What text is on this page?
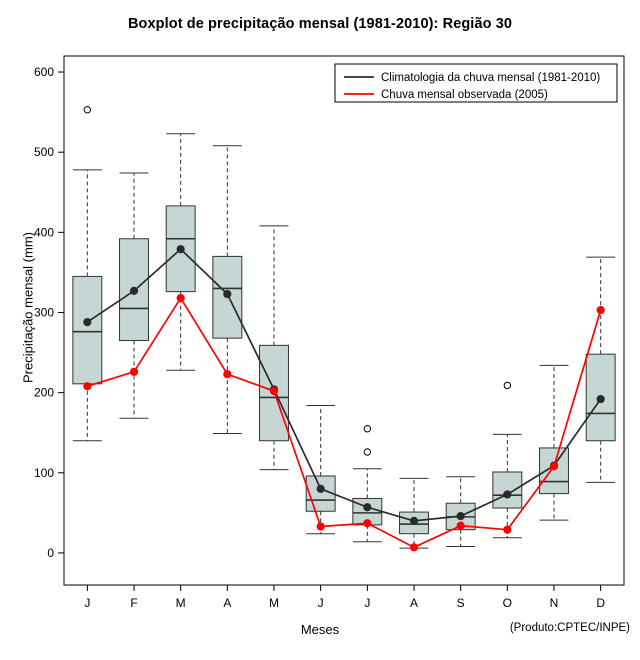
Boxplot de precipitação mensal (1981-2010): Região 30
Precipitação mensal (mm)
Meses	(Produto:CPTEC/INPE)
0
100
200
300
400
500
600
J	F	M	A	M	J	J	A	S	O	N	D
Climatologia da chuva mensal (1981-2010)
Chuva mensal observada (2005)
